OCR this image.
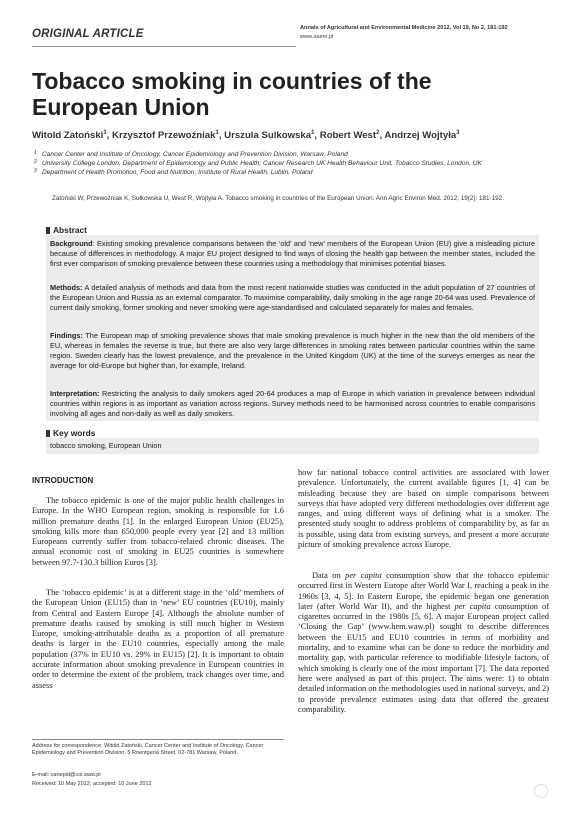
ORIGINAL ARTICLE	Annals of Agricultural and Environmental Medicine 2012, Vol 19, No 2, 181-192
www.aaem.pl
Tobacco smoking in countries of the European Union
Witold Zatoński$^1$, Krzysztof Przewoźniak$^1$, Urszula Sulkowska$^1$, Robert West$^2$, Andrzej Wojtyła$^3$
1 Cancer Center and Institute of Oncology, Cancer Epidemiology and Prevention Division, Warsaw, Poland
2 University College London, Department of Epidemiology and Public Health; Cancer Research UK Health Behaviour Unit, Tobacco Studies, London, UK
3 Department of Health Promotion, Food and Nutrition, Institute of Rural Health, Lublin, Poland
Zatoński W, Przewoźniak K, Sułkowska U, West R, Wojtyła A. Tobacco smoking in countries of the European Union. Ann Agric Environ Med. 2012; 19(2): 181-192.
Abstract
Background: Existing smoking prevalence comparisons between the ‘old’ and ‘new’ members of the European Union (EU) give a misleading picture because of differences in methodology. A major EU project designed to find ways of closing the health gap between the member states, included the first ever comparison of smoking prevalence between these countries using a methodology that minimises potential biases.
Methods: A detailed analysis of methods and data from the most recent nationwide studies was conducted in the adult population of 27 countries of the European Union and Russia as an external comparator. To maximise comparability, daily smoking in the age range 20-64 was used. Prevalence of current daily smoking, former smoking and never smoking were age-standardised and calculated separately for males and females.
Findings: The European map of smoking prevalence shows that male smoking prevalence is much higher in the new than the old members of the EU, whereas in females the reverse is true, but there are also very large differences in smoking rates between particular countries within the same region. Sweden clearly has the lowest prevalence, and the prevalence in the United Kingdom (UK) at the time of the surveys emerges as near the average for old-Europe but higher than, for example, Ireland.
Interpretation: Restricting the analysis to daily smokers aged 20-64 produces a map of Europe in which variation in prevalence between individual countries within regions is as important as variation across regions. Survey methods need to be harmonised across countries to enable comparisons involving all ages and non-daily as well as daily smokers.
Key words
tobacco smoking, European Union
INTRODUCTION
The tobacco epidemic is one of the major public health challenges in Europe. In the WHO European region, smoking is responsible for 1.6 million premature deaths [1]. In the enlarged European Union (EU25), smoking kills more than 650,000 people every year [2] and 13 million Europeans currently suffer from tobacco-related chronic diseases. The annual economic cost of smoking in EU25 countries is somewhere between 97.7-130.3 billion Euros [3].
The ‘tobacco epidemic’ is at a different stage in the ‘old’ members of the European Union (EU15) than in ‘new’ EU countries (EU10), mainly from Central and Eastern Europe [4]. Although the absolute number of premature deaths caused by smoking is still much higher in Western Europe, smoking-attributable deaths as a proportion of all premature deaths is larger in the EU10 countries, especially among the male population (37% in EU10 vs. 29% in EU15) [2]. It is important to obtain accurate information about smoking prevalence in European countries in order to determine the extent of the problem, track changes over time, and assess
how far national tobacco control activities are associated with lower prevalence. Unfortunately, the current available figures [1, 4] can be misleading because they are based on simple comparisons between surveys that have adopted very different methodologies over different age ranges, and using different ways of defining what is a smoker. The presented study sought to address problems of comparability by, as far as is possible, using data from existing surveys, and present a more accurate picture of smoking prevalence across Europe.
Data on per capita consumption show that the tobacco epidemic occurred first in Western Europe after World War I, reaching a peak in the 1960s [3, 4, 5]. In Eastern Europe, the epidemic began one generation later (after World War II), and the highest per capita consumption of cigarettes occurred in the 1980s [5, 6]. A major European project called ‘Closing the Gap’ (www.hem.waw.pl) sought to describe differences between the EU15 and EU10 countries in terms of morbidity and mortality, and to examine what can be done to reduce the morbidity and mortality gap, with particular reference to modifiable lifestyle factors, of which smoking is clearly one of the most important [7]. The data reported here were analysed as part of this project. The aims were: 1) to obtain detailed information on the methodologies used in national surveys, and 2) to provide prevalence estimates using data that offered the greatest comparability.
Address for correspondence: Witold Zatoński, Cancer Center and Institute of Oncology, Cancer Epidemiology and Prevention Division, 5 Roentgena Street, 02-781 Warsaw, Poland.
E-mail: canepid@coi.waw.pl
Received: 10 May 2012; accepted: 10 June 2012
